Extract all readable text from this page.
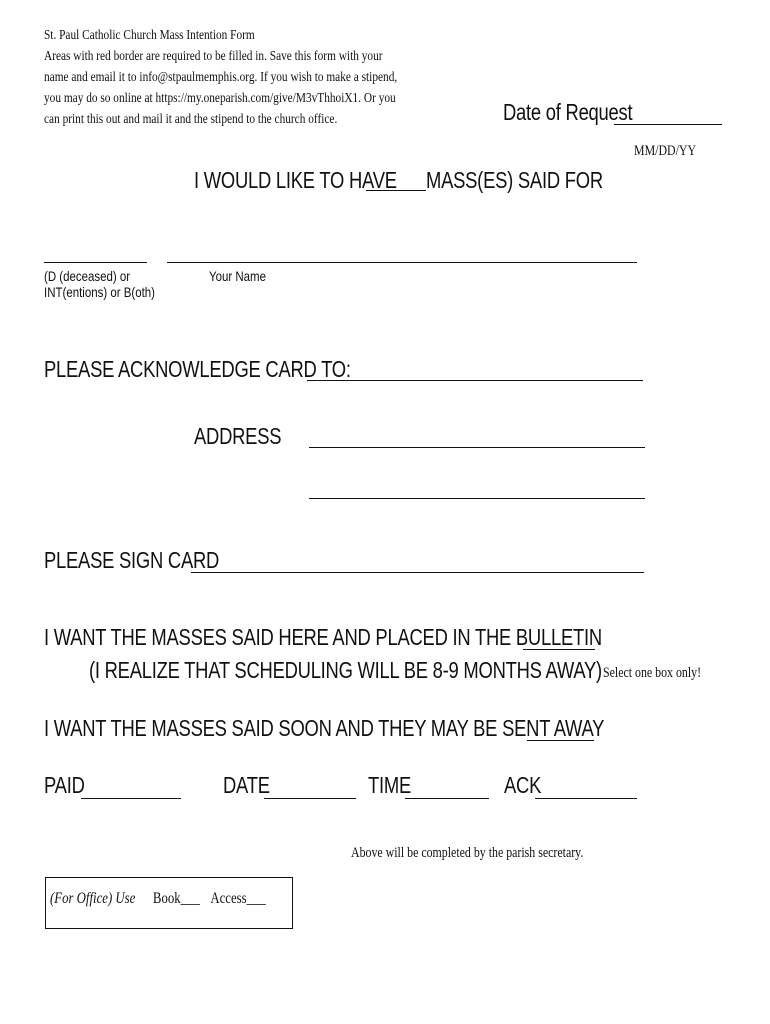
St. Paul Catholic Church Mass Intention Form
Areas with red border are required to be filled in. Save this form with your
name and email it to info@stpaulmemphis.org. If you wish to make a stipend,
you may do so online at https://my.oneparish.com/give/M3vThhoiX1. Or you
can print this out and mail it and the stipend to the church office.	Date of Request
MM/DD/YY
I WOULD LIKE TO HAVE MASS(ES) SAID FOR
(D (deceased) or
INT(entions) or B(oth)
Your Name
PLEASE ACKNOWLEDGE CARD TO:
ADDRESS
PLEASE SIGN CARD
I WANT THE MASSES SAID HERE AND PLACED IN THE BULLETIN
(I REALIZE THAT SCHEDULING WILL BE 8-9 MONTHS AWAY) Select one box only!
I WANT THE MASSES SAID SOON AND THEY MAY BE SENT AWAY
PAID	DATE	TIME	ACK
Above will be completed by the parish secretary.
(For Office) Use Book___ Access___
